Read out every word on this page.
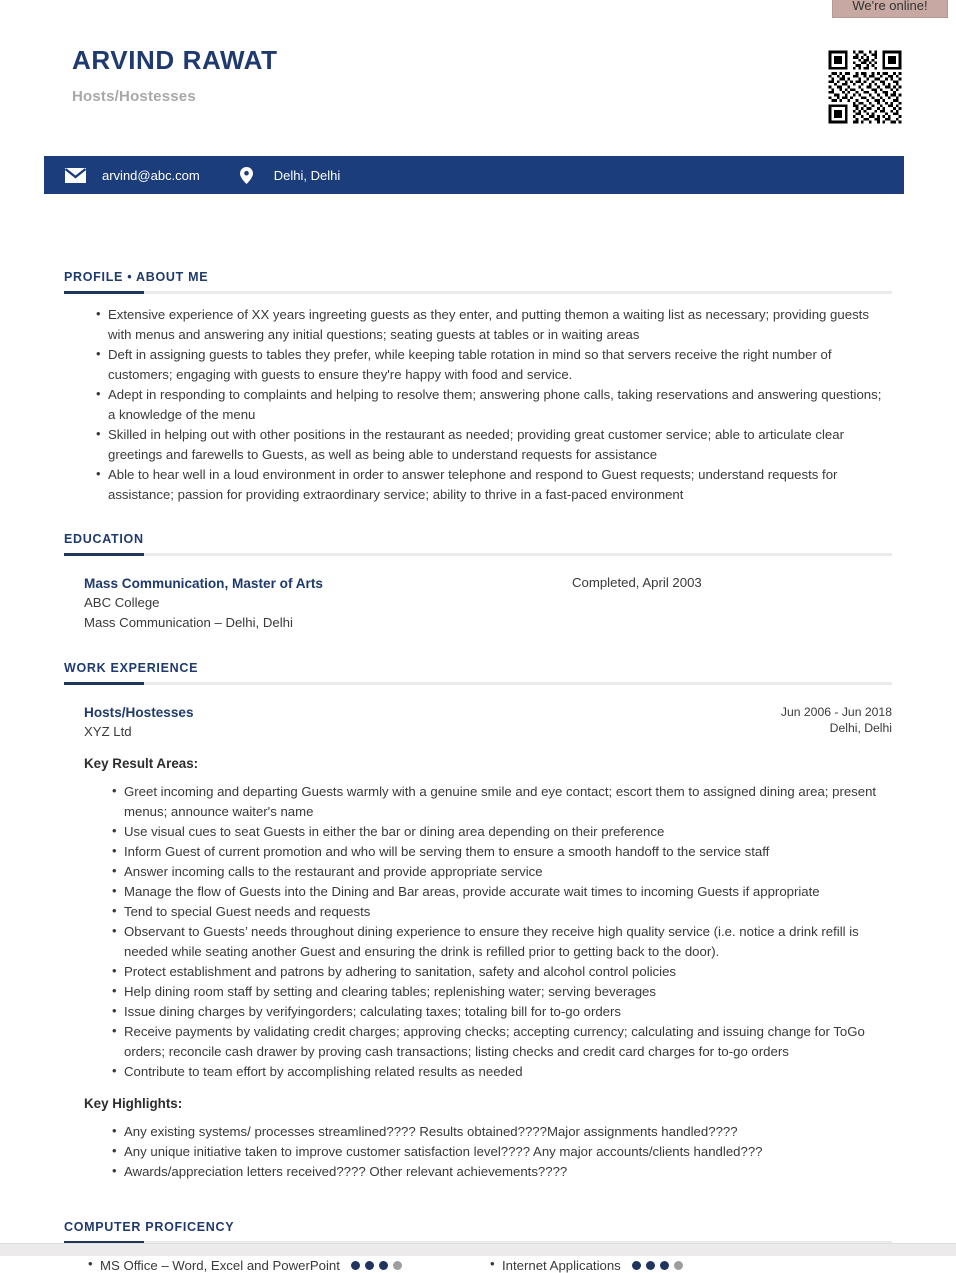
We're online!
ARVIND RAWAT
Hosts/Hostesses
arvind@abc.com	Delhi, Delhi
PROFILE • ABOUT ME
• Extensive experience of XX years ingreeting guests as they enter, and putting themon a waiting list as necessary; providing guests with menus and answering any initial questions; seating guests at tables or in waiting areas
• Deft in assigning guests to tables they prefer, while keeping table rotation in mind so that servers receive the right number of customers; engaging with guests to ensure they're happy with food and service.
• Adept in responding to complaints and helping to resolve them; answering phone calls, taking reservations and answering questions; a knowledge of the menu
• Skilled in helping out with other positions in the restaurant as needed; providing great customer service; able to articulate clear greetings and farewells to Guests, as well as being able to understand requests for assistance
• Able to hear well in a loud environment in order to answer telephone and respond to Guest requests; understand requests for assistance; passion for providing extraordinary service; ability to thrive in a fast-paced environment
EDUCATION
Mass Communication, Master of Arts
ABC College
Mass Communication – Delhi, Delhi
Completed, April 2003
WORK EXPERIENCE
Hosts/Hostesses
XYZ Ltd
Jun 2006 - Jun 2018
Delhi, Delhi
Key Result Areas:
• Greet incoming and departing Guests warmly with a genuine smile and eye contact; escort them to assigned dining area; present menus; announce waiter's name
• Use visual cues to seat Guests in either the bar or dining area depending on their preference
• Inform Guest of current promotion and who will be serving them to ensure a smooth handoff to the service staff
• Answer incoming calls to the restaurant and provide appropriate service
• Manage the flow of Guests into the Dining and Bar areas, provide accurate wait times to incoming Guests if appropriate
• Tend to special Guest needs and requests
• Observant to Guests’ needs throughout dining experience to ensure they receive high quality service (i.e. notice a drink refill is needed while seating another Guest and ensuring the drink is refilled prior to getting back to the door).
• Protect establishment and patrons by adhering to sanitation, safety and alcohol control policies
• Help dining room staff by setting and clearing tables; replenishing water; serving beverages
• Issue dining charges by verifyingorders; calculating taxes; totaling bill for to-go orders
• Receive payments by validating credit charges; approving checks; accepting currency; calculating and issuing change for ToGo orders; reconcile cash drawer by proving cash transactions; listing checks and credit card charges for to-go orders
• Contribute to team effort by accomplishing related results as needed
Key Highlights:
• Any existing systems/ processes streamlined???? Results obtained????Major assignments handled????
• Any unique initiative taken to improve customer satisfaction level???? Any major accounts/clients handled???
• Awards/appreciation letters received???? Other relevant achievements????
COMPUTER PROFICENCY
• MS Office – Word, Excel and PowerPoint	• Internet Applications
